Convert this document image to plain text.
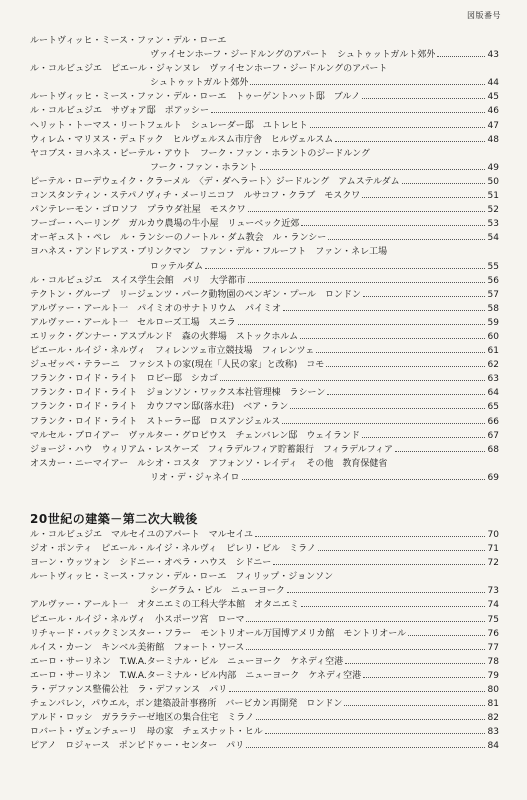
図版番号
ルートヴィッヒ・ミース・ファン・デル・ローエ
ヴァイセンホーフ・ジードルングのアパート　シュトゥットガルト郊外	43
ル・コルビュジエ　ピエール・ジャンヌレ　ヴァイセンホーフ・ジードルングのアパート
シュトゥットガルト郊外	44
ルートヴィッヒ・ミース・ファン・デル・ローエ　トゥーゲントハット邸　ブルノ	45
ル・コルビュジエ　サヴォア邸　ポアッシー	46
ヘリット・トーマス・リートフェルト　シュレーダー邸　ユトレヒト	47
ウィレム・マリヌス・デュドック　ヒルヴェルスム市庁舎　ヒルヴェルスム	48
ヤコブス・ヨハネス・ピーテル・アウト　フーク・ファン・ホラントのジードルング
フーク・ファン・ホラント	49
ピーテル・ローデウェイク・クラーメル　〈デ・ダヘラート〉ジードルング　アムステルダム	50
コンスタンティン・ステパノヴィチ・メーリニコフ　ルサコフ・クラブ　モスクワ	51
パンテレーモン・ゴロソフ　プラウダ社屋　モスクワ	52
フーゴー・ヘーリング　ガルカウ農場の牛小屋　リューベック近郊	53
オーギュスト・ペレ　ル・ランシーのノートル・ダム教会　ル・ランシー	54
ヨハネス・アンドレアス・ブリンクマン　ファン・デル・フルーフト　ファン・ネレ工場
ロッテルダム	55
ル・コルビュジエ　スイス学生会館　パリ　大学都市	56
テクトン・グループ　リージェンツ・パーク動物園のペンギン・プール　ロンドン	57
アルヴァー・アールト一　パイミオのサナトリウム　パイミオ	58
アルヴァー・アールト一　セルローズ工場　スニラ	59
エリック・グンナー・アスプルンド　森の火葬場　ストックホルム	60
ピエール・ルイジ・ネルヴィ　フィレンツェ市立競技場　フィレンツェ	61
ジュゼッペ・テラーニ　ファシストの家(現在「人民の家」と改称)　コモ	62
フランク・ロイド・ライト　ロビー邸　シカゴ	63
フランク・ロイド・ライト　ジョンソン・ワックス本社管理棟　ラシーン	64
フランク・ロイド・ライト　カウフマン邸(落水荘)　ベア・ラン	65
フランク・ロイド・ライト　ストーラー邸　ロスアンジェルス	66
マルセル・ブロイアー　ヴァルター・グロピウス　チェンバレン邸　ウェイランド	67
ジョージ・ハウ　ウィリアム・レスケーズ　フィラデルフィア貯蓄銀行　フィラデルフィア	68
オスカー・ニーマイアー　ルシオ・コスタ　アフォンソ・レイディ　その他　教育保健省
リオ・デ・ジャネイロ	69
20世紀の建築－第二次大戦後
ル・コルビュジエ　マルセイユのアパート　マルセイユ	70
ジオ・ポンティ　ピエール・ルイジ・ネルヴィ　ピレリ・ビル　ミラノ	71
ヨーン・ウッツォン　シドニー・オペラ・ハウス　シドニー	72
ルートヴィッヒ・ミース・ファン・デル・ローエ　フィリップ・ジョンソン
シーグラム・ビル　ニューヨーク	73
アルヴァー・アールト一　オタニエミの工科大学本館　オタニエミ	74
ピエール・ルイジ・ネルヴィ　小スポーツ宮　ローマ	75
リチャード・バックミンスター・フラー　モントリオール万国博アメリカ館　モントリオール	76
ルイス・カーン　キンベル美術館　フォート・ワース	77
エーロ・サーリネン　T.W.A.ターミナル・ビル　ニューヨーク　ケネディ空港	78
エーロ・サーリネン　T.W.A.ターミナル・ビル内部　ニューヨーク　ケネディ空港	79
ラ・デファンス整備公社　ラ・デファンス　パリ	80
チェンバレン，パウエル，ボン建築設計事務所　バービカン再開発　ロンドン	81
アルド・ロッシ　ガララテーゼ地区の集合住宅　ミラノ	82
ロバート・ヴェンチューリ　母の家　チェスナット・ヒル	83
ピアノ　ロジャース　ポンピドゥー・センター　パリ	84
